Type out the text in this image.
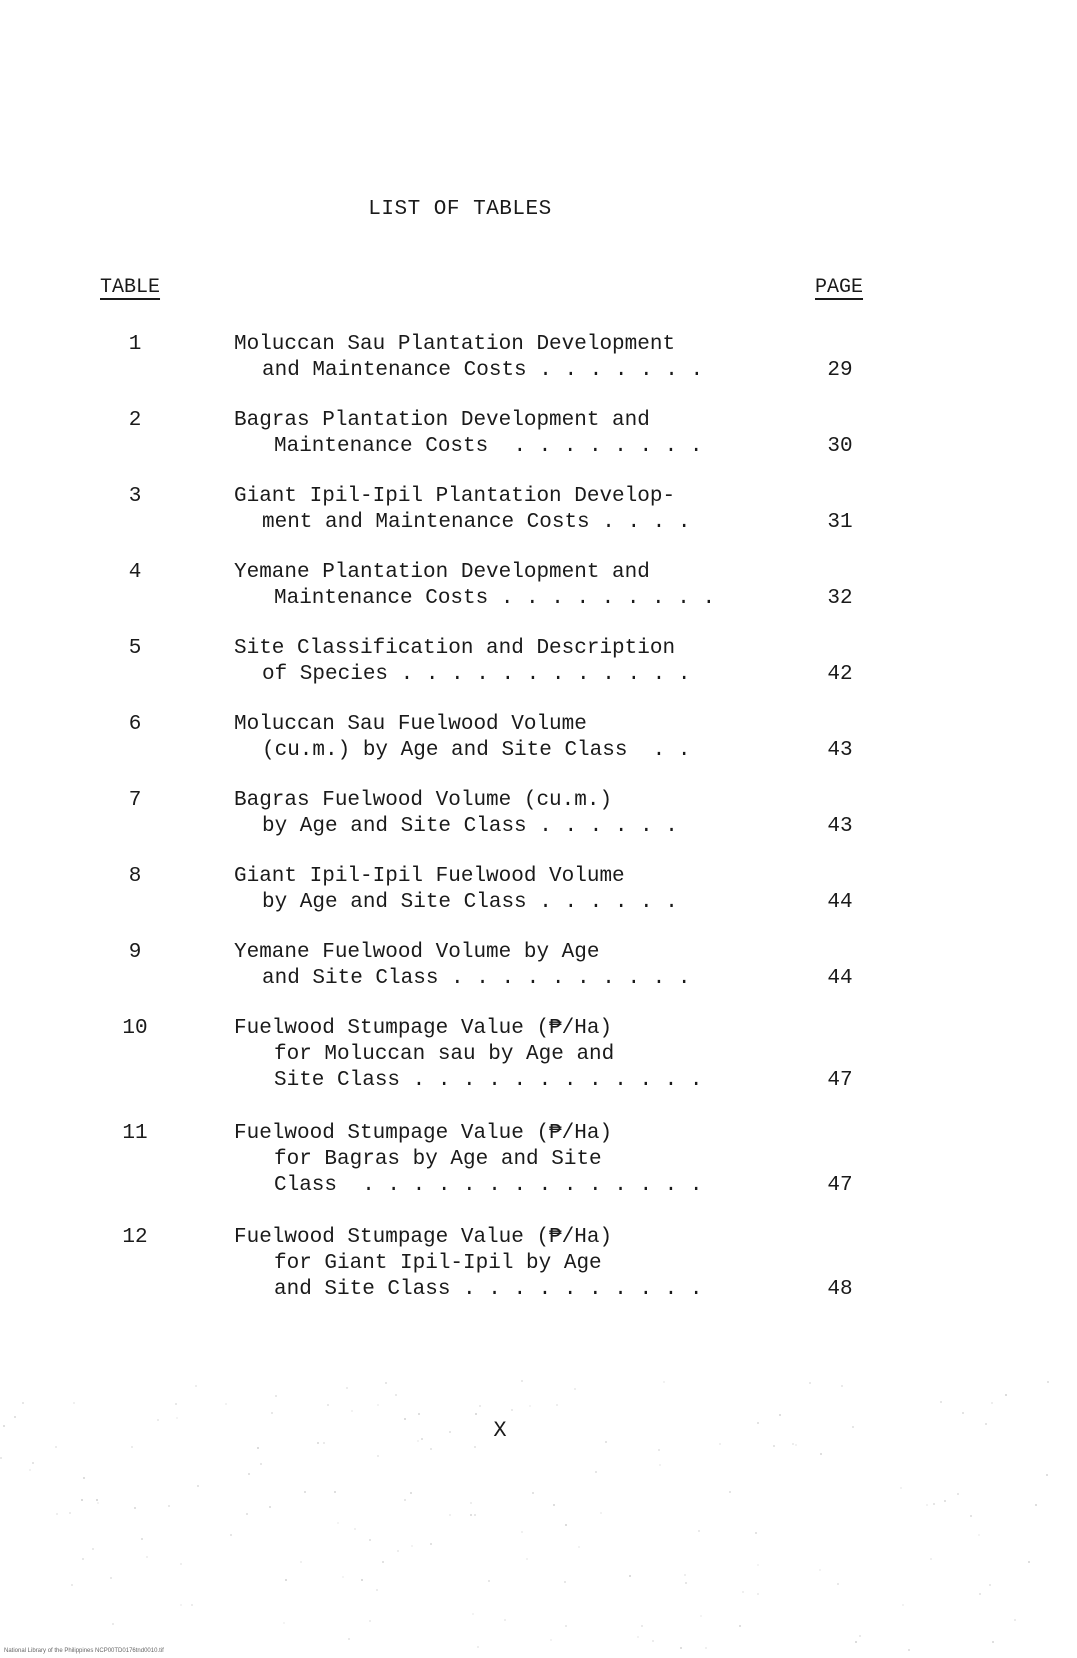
LIST OF TABLES
TABLE	PAGE
1	Moluccan Sau Plantation Development
and Maintenance Costs . . . . . . .	29
2	Bagras Plantation Development and
Maintenance Costs  . . . . . . . .	30
3	Giant Ipil-Ipil Plantation Develop-
ment and Maintenance Costs . . . .	31
4	Yemane Plantation Development and
Maintenance Costs . . . . . . . . .	32
5	Site Classification and Description
of Species . . . . . . . . . . . .	42
6	Moluccan Sau Fuelwood Volume
(cu.m.) by Age and Site Class  . .	43
7	Bagras Fuelwood Volume (cu.m.)
by Age and Site Class . . . . . .	43
8	Giant Ipil-Ipil Fuelwood Volume
by Age and Site Class . . . . . .	44
9	Yemane Fuelwood Volume by Age
and Site Class . . . . . . . . . .	44
10	Fuelwood Stumpage Value (₱/Ha)
for Moluccan sau by Age and
Site Class . . . . . . . . . . . .	47
11	Fuelwood Stumpage Value (₱/Ha)
for Bagras by Age and Site
Class  . . . . . . . . . . . . . .	47
12	Fuelwood Stumpage Value (₱/Ha)
for Giant Ipil-Ipil by Age
and Site Class . . . . . . . . . .	48
X
National Library of the Philippines NCP00TD0176tnd0010.tif
